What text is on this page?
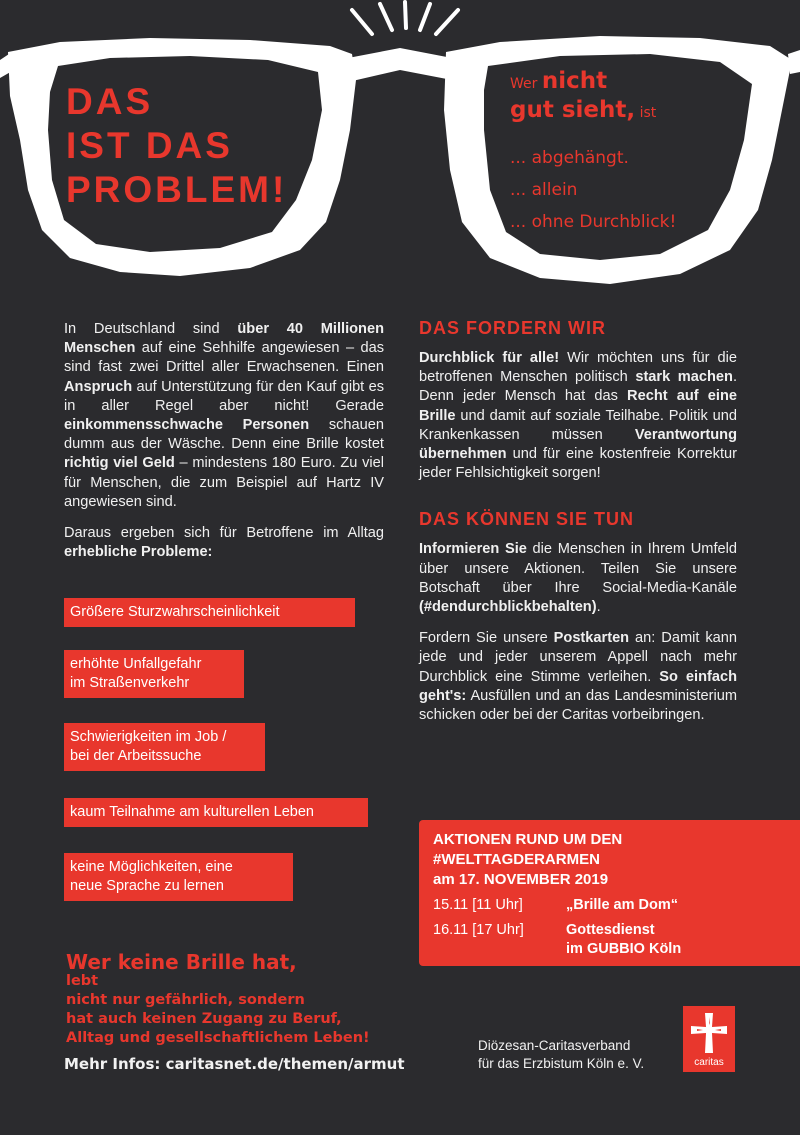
DAS
IST DAS
PROBLEM!
Wer nicht
gut sieht, ist
... abgehängt.
... allein
... ohne Durchblick!

In Deutschland sind über 40 Millionen Menschen auf eine Sehhilfe angewiesen – das sind fast zwei Drittel aller Erwachsenen. Einen Anspruch auf Unterstützung für den Kauf gibt es in aller Regel aber nicht! Gerade einkommensschwache Personen schauen dumm aus der Wäsche. Denn eine Brille kostet richtig viel Geld – mindestens 180 Euro. Zu viel für Menschen, die zum Beispiel auf Hartz IV angewiesen sind.

Daraus ergeben sich für Betroffene im Alltag erhebliche Probleme:

Größere Sturzwahrscheinlichkeit
erhöhte Unfallgefahr
im Straßenverkehr
Schwierigkeiten im Job /
bei der Arbeitssuche
kaum Teilnahme am kulturellen Leben
keine Möglichkeiten, eine
neue Sprache zu lernen
Wer keine Brille hat,
lebt
nicht nur gefährlich, sondern
hat auch keinen Zugang zu Beruf,
Alltag und gesellschaftlichem Leben!
Mehr Infos: caritasnet.de/themen/armut
DAS FORDERN WIR

Durchblick für alle! Wir möchten uns für die betroffenen Menschen politisch stark machen. Denn jeder Mensch hat das Recht auf eine Brille und damit auf soziale Teilhabe. Politik und Krankenkassen müssen Verantwortung übernehmen und für eine kostenfreie Korrektur jeder Fehlsichtigkeit sorgen!

DAS KÖNNEN SIE TUN

Informieren Sie die Menschen in Ihrem Umfeld über unsere Aktionen. Teilen Sie unsere Botschaft über Ihre Social-Media-Kanäle (#dendurchblickbehalten).

Fordern Sie unsere Postkarten an: Damit kann jede und jeder unserem Appell nach mehr Durchblick eine Stimme verleihen. So einfach geht's: Ausfüllen und an das Landesministerium schicken oder bei der Caritas vorbeibringen.

AKTIONEN RUND UM DEN
#WELTTAGDERARMEN
am 17. NOVEMBER 2019
15.11 [11 Uhr]	„Brille am Dom“
16.11 [17 Uhr]	Gottesdienst
im GUBBIO Köln
Diözesan-Caritasverband
für das Erzbistum Köln e. V.	caritas
